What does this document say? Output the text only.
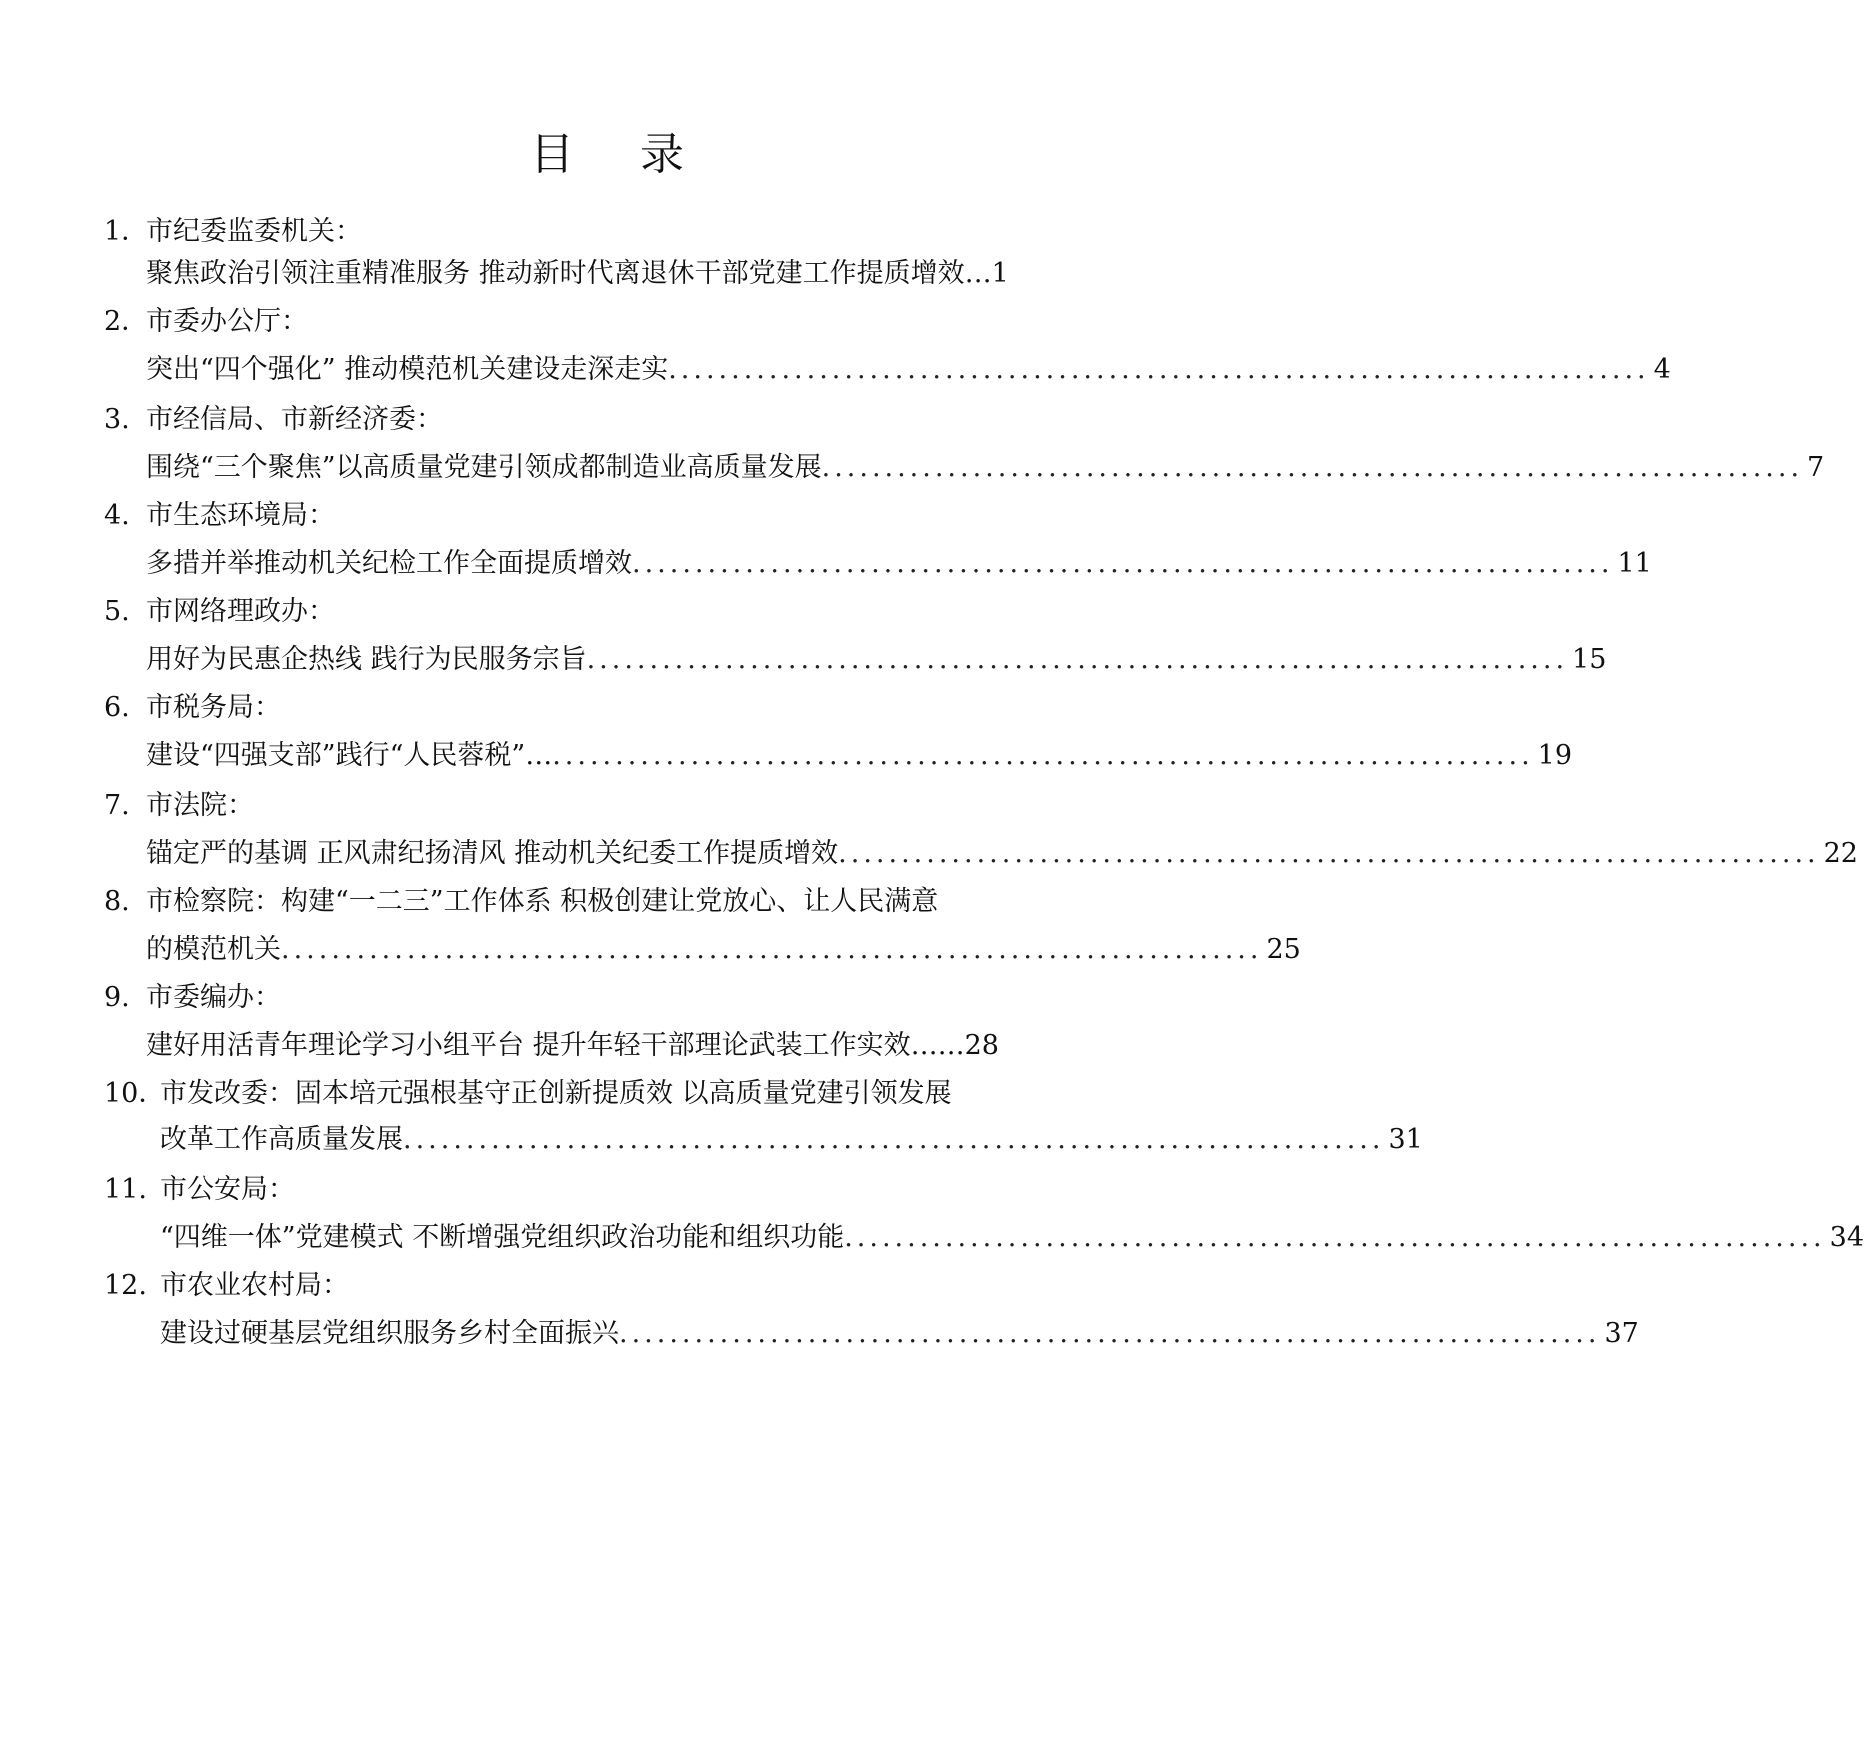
目 录
1．
市纪委监委机关：
聚焦政治引领注重精准服务 推动新时代离退休干部党建工作提质增效… 1
2．
市委办公厅：
突出“四个强化” 推动模范机关建设走深走实 .............................................................................. 4
3. 市经信局、市新经济委：
围绕“三个聚焦”以高质量党建引领成都制造业高质量发展 .............................................................................. 7
4. 市生态环境局：
多措并举推动机关纪检工作全面提质增效 .............................................................................. 11
5. 市网络理政办：
用好为民惠企热线 践行为民服务宗旨 .............................................................................. 15
6. 市税务局：
建设“四强支部”践行“人民蓉税”… .............................................................................. 19
7. 市法院：
锚定严的基调 正风肃纪扬清风 推动机关纪委工作提质增效 .............................................................................. 22
8. 市检察院：构建“一二三”工作体系 积极创建让党放心、让人民满意
的模范机关 .............................................................................. 25
9. 市委编办：
建好用活青年理论学习小组平台 提升年轻干部理论武装工作实效…… 28
10．
市发改委：固本培元强根基守正创新提质效 以高质量党建引领发展
改革工作高质量发展 .............................................................................. 31
11. 市公安局：
“四维一体”党建模式 不断增强党组织政治功能和组织功能 .............................................................................. 34
12. 市农业农村局：
建设过硬基层党组织服务乡村全面振兴 .............................................................................. 37
